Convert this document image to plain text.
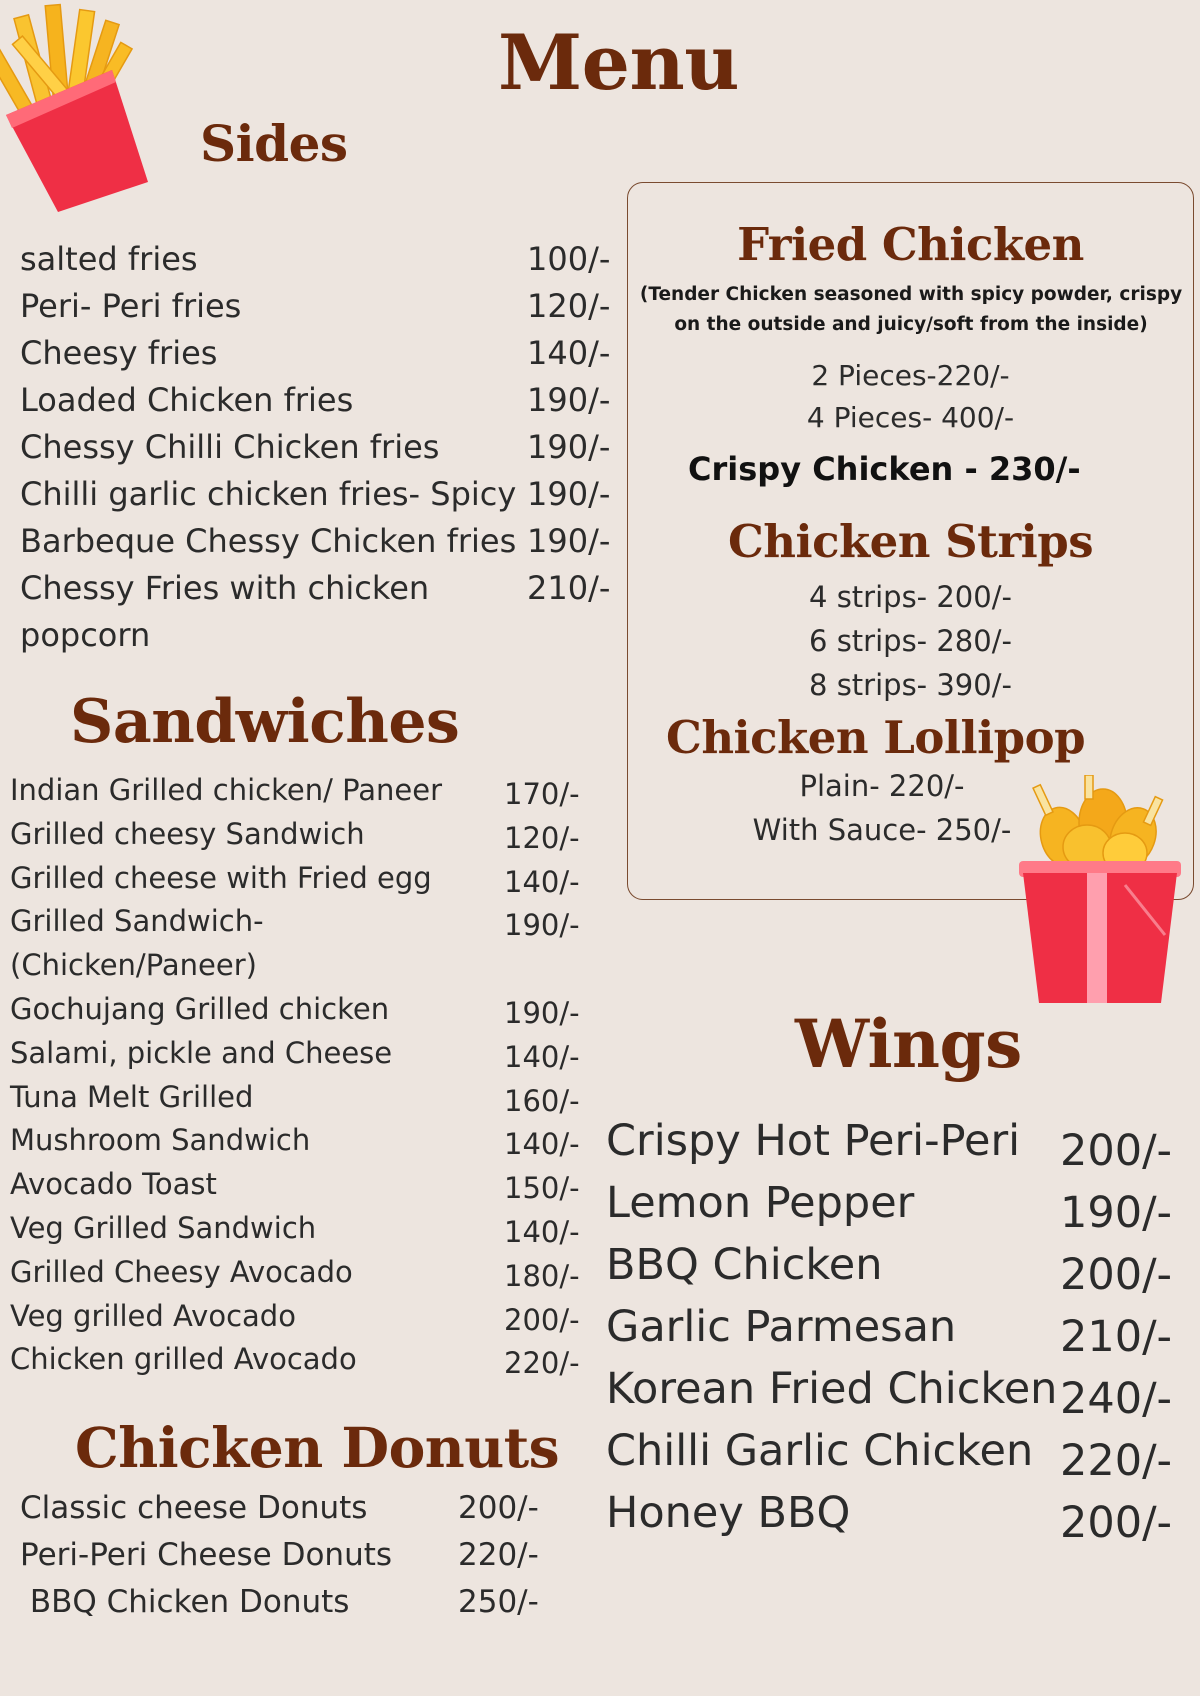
Menu
Sides
salted fries	100/-
Peri- Peri fries	120/-
Cheesy fries	140/-
Loaded Chicken fries	190/-
Chessy Chilli Chicken fries	190/-
Chilli garlic chicken fries- Spicy 190/-
Barbeque Chessy Chicken fries 190/-
Chessy Fries with chicken	210/-
popcorn
Sandwiches
Indian Grilled chicken/ Paneer 170/-
Grilled cheesy Sandwich	120/-
Grilled cheese with Fried egg 140/-
Grilled Sandwich-	190/-
(Chicken/Paneer)
Gochujang Grilled chicken	190/-
Salami, pickle and Cheese	140/-
Tuna Melt Grilled	160/-
Mushroom Sandwich	140/-
Avocado Toast	150/-
Veg Grilled Sandwich	140/-
Grilled Cheesy Avocado	180/-
Veg grilled Avocado	200/-
Chicken grilled Avocado	220/-
Chicken Donuts
Classic cheese Donuts	200/-
Peri-Peri Cheese Donuts 220/-
BBQ Chicken Donuts	250/-
Fried Chicken
(Tender Chicken seasoned with spicy powder, crispy
on the outside and juicy/soft from the inside)
2 Pieces-220/-
4 Pieces- 400/-
Crispy Chicken - 230/-
Chicken Strips
4 strips- 200/-
6 strips- 280/-
8 strips- 390/-
Chicken Lollipop
Plain- 220/-
With Sauce- 250/-
Wings
Crispy Hot Peri-Peri 200/-
Lemon Pepper	190/-
BBQ Chicken	200/-
Garlic Parmesan 210/-
Korean Fried Chicken 240/-
Chilli Garlic Chicken 220/-
Honey BBQ	200/-
